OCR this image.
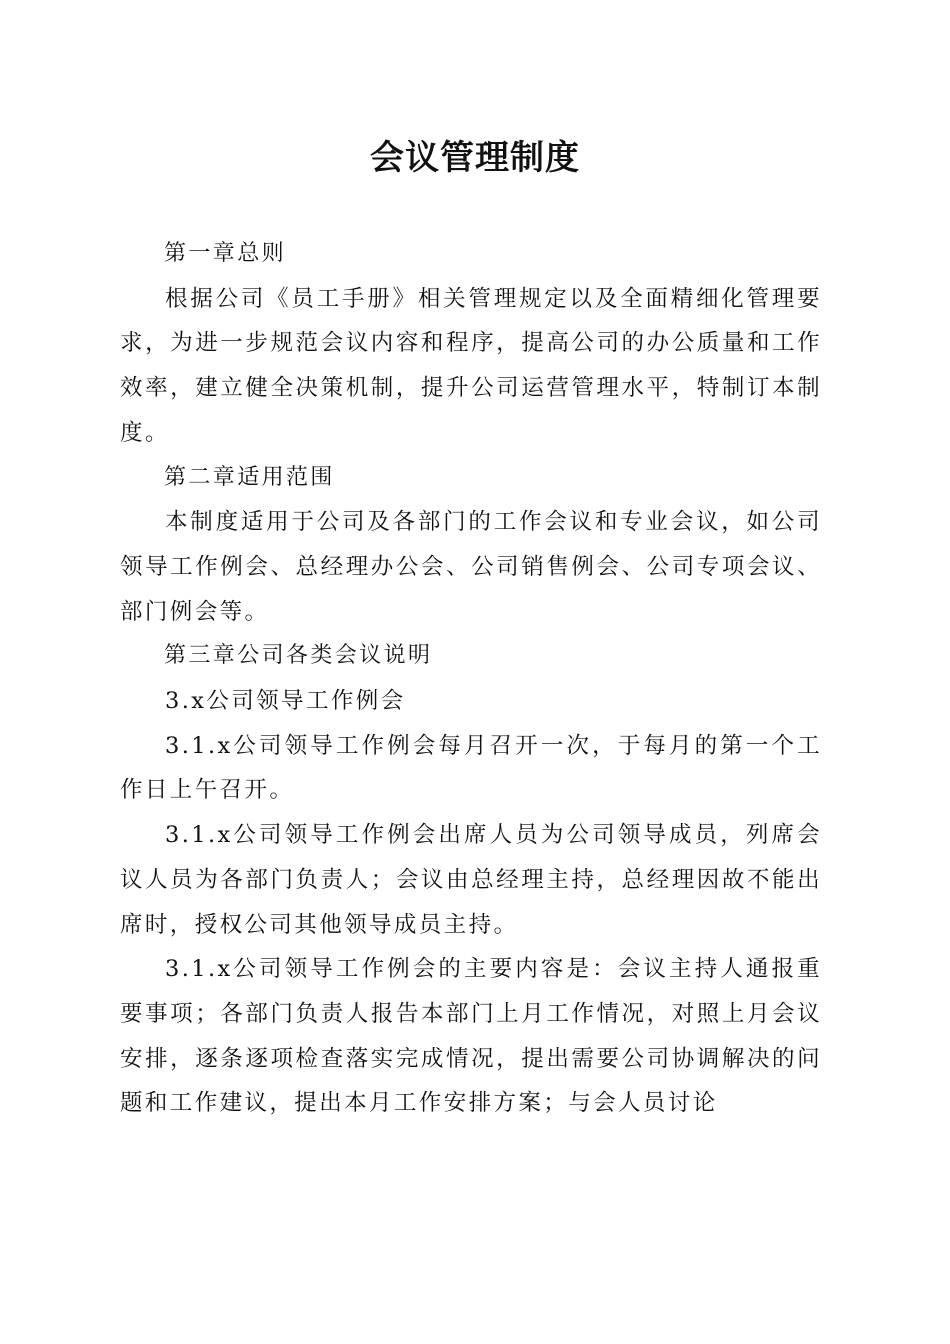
会议管理制度

第一章总则

根据公司《员工手册》相关管理规定以及全面精细化管理要求，为进一步规范会议内容和程序，提高公司的办公质量和工作效率，建立健全决策机制，提升公司运营管理水平，特制订本制度。

第二章适用范围

本制度适用于公司及各部门的工作会议和专业会议，如公司领导工作例会、总经理办公会、公司销售例会、公司专项会议、部门例会等。

第三章公司各类会议说明

3.x公司领导工作例会

3.1.x公司领导工作例会每月召开一次，于每月的第一个工作日上午召开。

3.1.x公司领导工作例会出席人员为公司领导成员，列席会议人员为各部门负责人；会议由总经理主持，总经理因故不能出席时，授权公司其他领导成员主持。

3.1.x公司领导工作例会的主要内容是：会议主持人通报重要事项；各部门负责人报告本部门上月工作情况，对照上月会议安排，逐条逐项检查落实完成情况，提出需要公司协调解决的问题和工作建议，提出本月工作安排方案；与会人员讨论
